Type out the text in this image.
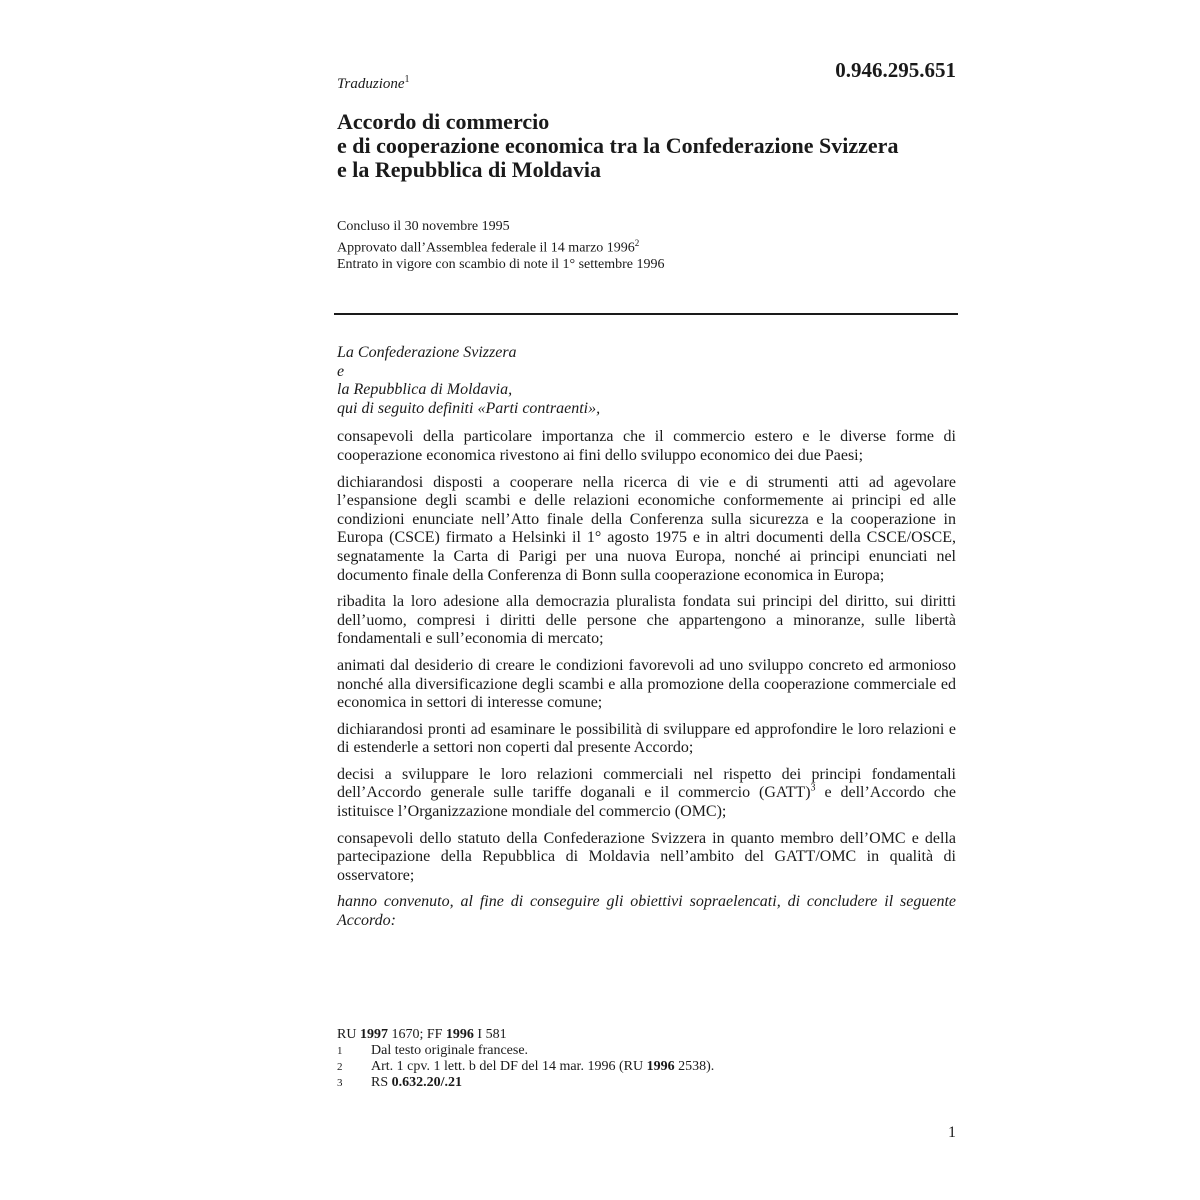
0.946.295.651
Traduzione$^1$
Accordo di commercio
e di cooperazione economica tra la Confederazione Svizzera
e la Repubblica di Moldavia
Concluso il 30 novembre 1995
Approvato dall’Assemblea federale il 14 marzo 1996$^2$
Entrato in vigore con scambio di note il 1° settembre 1996
La Confederazione Svizzera
e
la Repubblica di Moldavia,
qui di seguito definiti «Parti contraenti»,

consapevoli della particolare importanza che il commercio estero e le diverse forme di cooperazione economica rivestono ai fini dello sviluppo economico dei due Paesi;

dichiarandosi disposti a cooperare nella ricerca di vie e di strumenti atti ad agevolare l’espansione degli scambi e delle relazioni economiche conformemente ai principi ed alle condizioni enunciate nell’Atto finale della Conferenza sulla sicurezza e la cooperazione in Europa (CSCE) firmato a Helsinki il 1° agosto 1975 e in altri documenti della CSCE/OSCE, segnatamente la Carta di Parigi per una nuova Europa, nonché ai principi enunciati nel documento finale della Conferenza di Bonn sulla cooperazione economica in Europa;

ribadita la loro adesione alla democrazia pluralista fondata sui principi del diritto, sui diritti dell’uomo, compresi i diritti delle persone che appartengono a minoranze, sulle libertà fondamentali e sull’economia di mercato;

animati dal desiderio di creare le condizioni favorevoli ad uno sviluppo concreto ed armonioso nonché alla diversificazione degli scambi e alla promozione della cooperazione commerciale ed economica in settori di interesse comune;

dichiarandosi pronti ad esaminare le possibilità di sviluppare ed approfondire le loro relazioni e di estenderle a settori non coperti dal presente Accordo;

decisi a sviluppare le loro relazioni commerciali nel rispetto dei principi fondamentali dell’Accordo generale sulle tariffe doganali e il commercio (GATT)$^3$ e dell’Accordo che istituisce l’Organizzazione mondiale del commercio (OMC);

consapevoli dello statuto della Confederazione Svizzera in quanto membro dell’OMC e della partecipazione della Repubblica di Moldavia nell’ambito del GATT/OMC in qualità di osservatore;

hanno convenuto, al fine di conseguire gli obiettivi sopraelencati, di concludere il seguente Accordo:

RU 1997 1670; FF 1996 I 581
1	Dal testo originale francese.
2	Art. 1 cpv. 1 lett. b del DF del 14 mar. 1996 (RU 1996 2538).
3	RS 0.632.20/.21
1
